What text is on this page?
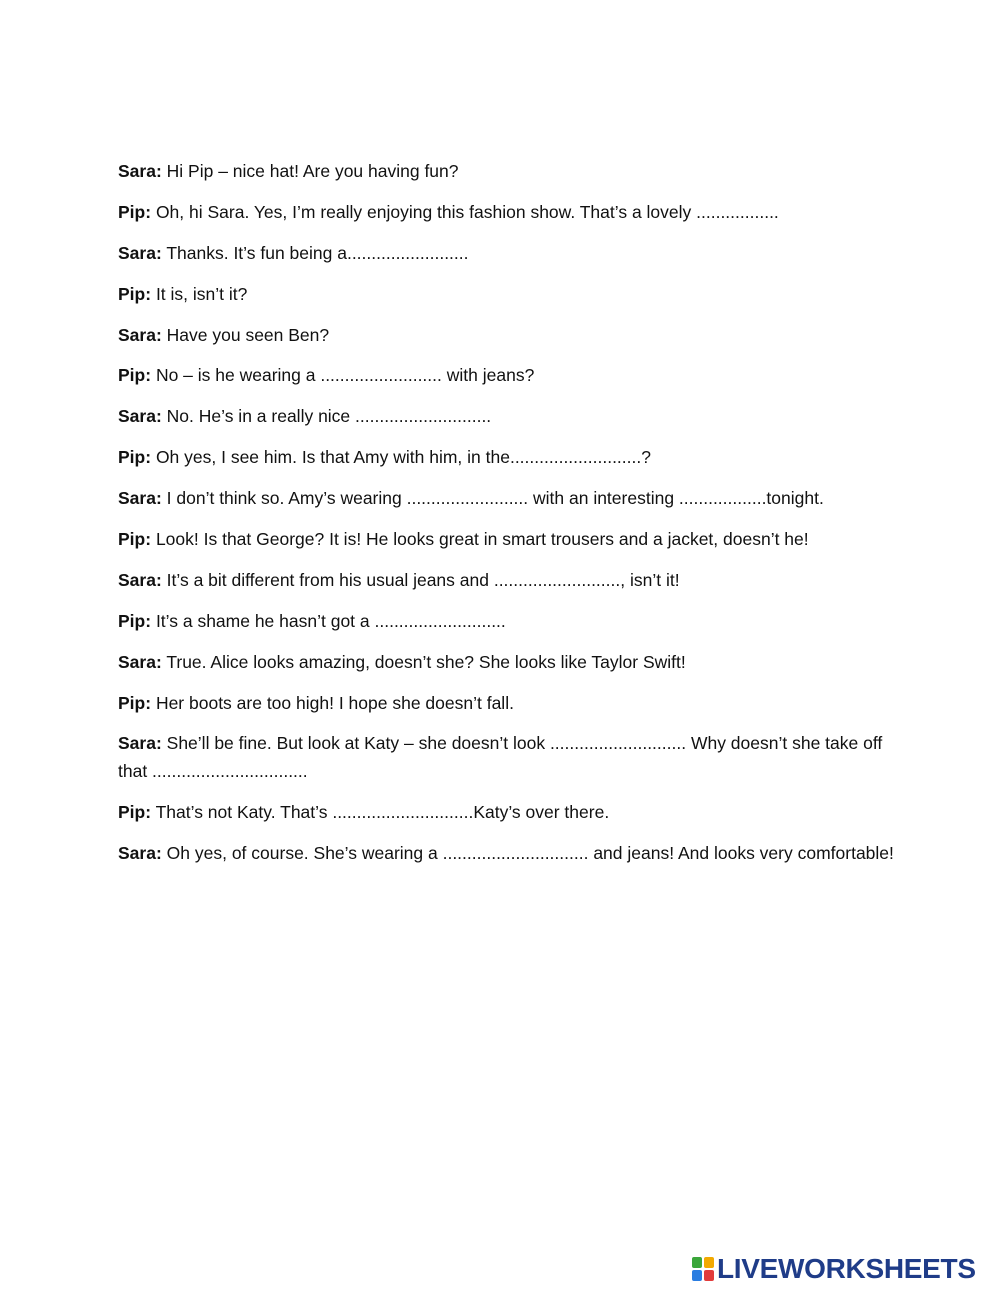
Sara: Hi Pip – nice hat! Are you having fun?

Pip: Oh, hi Sara. Yes, I’m really enjoying this fashion show. That’s a lovely .................

Sara: Thanks. It’s fun being a.........................

Pip: It is, isn’t it?

Sara: Have you seen Ben?

Pip: No – is he wearing a ......................... with jeans?

Sara: No. He’s in a really nice ............................

Pip: Oh yes, I see him. Is that Amy with him, in the...........................?

Sara: I don’t think so. Amy’s wearing ......................... with an interesting ..................tonight.

Pip: Look! Is that George? It is! He looks great in smart trousers and a jacket, doesn’t he!

Sara: It’s a bit different from his usual jeans and .........................., isn’t it!

Pip: It’s a shame he hasn’t got a ...........................

Sara: True. Alice looks amazing, doesn’t she? She looks like Taylor Swift!

Pip: Her boots are too high! I hope she doesn’t fall.

Sara: She’ll be fine. But look at Katy – she doesn’t look ............................ Why doesn’t she take off that ................................

Pip: That’s not Katy. That’s .............................Katy’s over there.

Sara: Oh yes, of course. She’s wearing a .............................. and jeans! And looks very comfortable!

LIVEWORKSHEETS
